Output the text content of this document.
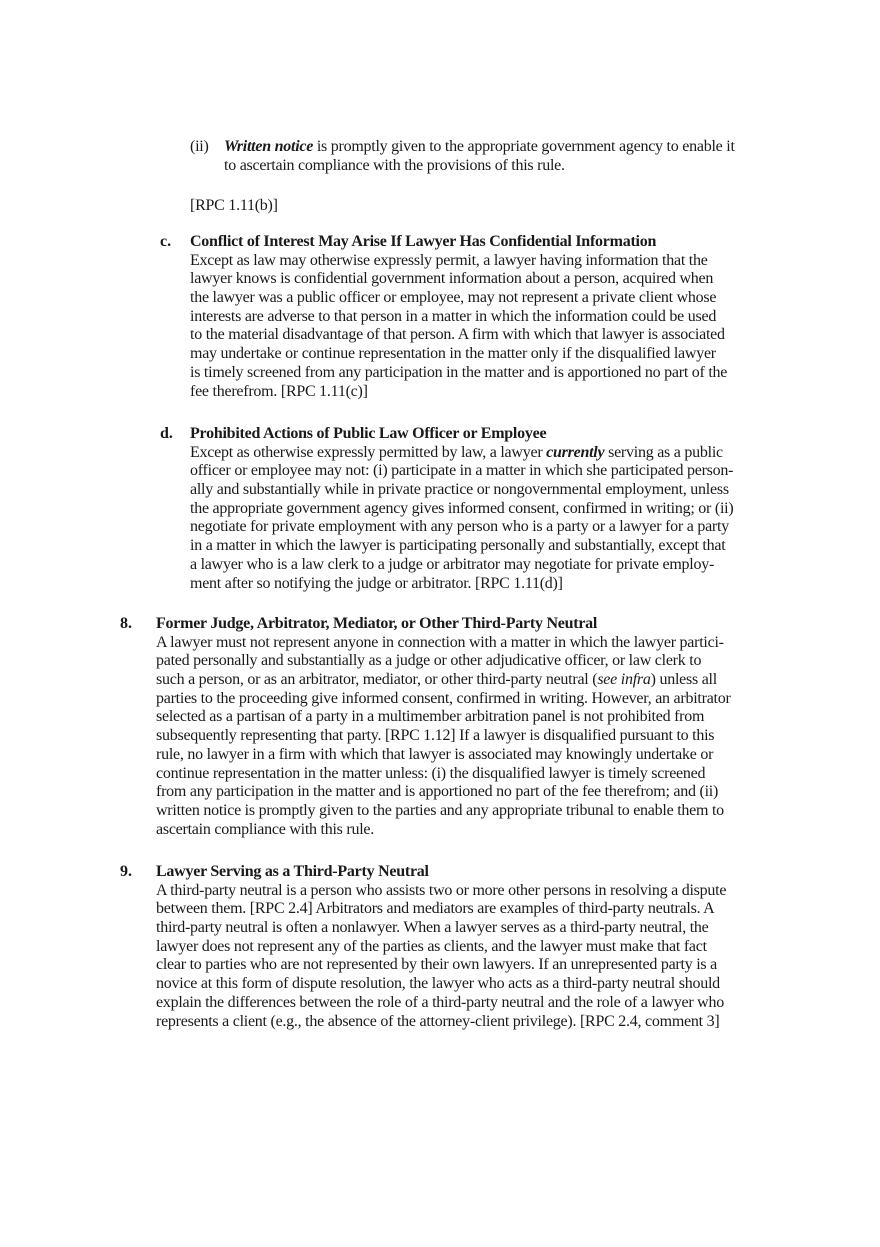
(ii) Written notice is promptly given to the appropriate government agency to enable it
to ascertain compliance with the provisions of this rule.
[RPC 1.11(b)]
c. Conflict of Interest May Arise If Lawyer Has Confidential Information
Except as law may otherwise expressly permit, a lawyer having information that the
lawyer knows is confidential government information about a person, acquired when
the lawyer was a public officer or employee, may not represent a private client whose
interests are adverse to that person in a matter in which the information could be used
to the material disadvantage of that person. A firm with which that lawyer is associated
may undertake or continue representation in the matter only if the disqualified lawyer
is timely screened from any participation in the matter and is apportioned no part of the
fee therefrom. [RPC 1.11(c)]
d. Prohibited Actions of Public Law Officer or Employee
Except as otherwise expressly permitted by law, a lawyer currently serving as a public
officer or employee may not: (i) participate in a matter in which she participated person-
ally and substantially while in private practice or nongovernmental employment, unless
the appropriate government agency gives informed consent, confirmed in writing; or (ii)
negotiate for private employment with any person who is a party or a lawyer for a party
in a matter in which the lawyer is participating personally and substantially, except that
a lawyer who is a law clerk to a judge or arbitrator may negotiate for private employ-
ment after so notifying the judge or arbitrator. [RPC 1.11(d)]
8. Former Judge, Arbitrator, Mediator, or Other Third-Party Neutral
A lawyer must not represent anyone in connection with a matter in which the lawyer partici-
pated personally and substantially as a judge or other adjudicative officer, or law clerk to
such a person, or as an arbitrator, mediator, or other third-party neutral (see infra) unless all
parties to the proceeding give informed consent, confirmed in writing. However, an arbitrator
selected as a partisan of a party in a multimember arbitration panel is not prohibited from
subsequently representing that party. [RPC 1.12] If a lawyer is disqualified pursuant to this
rule, no lawyer in a firm with which that lawyer is associated may knowingly undertake or
continue representation in the matter unless: (i) the disqualified lawyer is timely screened
from any participation in the matter and is apportioned no part of the fee therefrom; and (ii)
written notice is promptly given to the parties and any appropriate tribunal to enable them to
ascertain compliance with this rule.
9. Lawyer Serving as a Third-Party Neutral
A third-party neutral is a person who assists two or more other persons in resolving a dispute
between them. [RPC 2.4] Arbitrators and mediators are examples of third-party neutrals. A
third-party neutral is often a nonlawyer. When a lawyer serves as a third-party neutral, the
lawyer does not represent any of the parties as clients, and the lawyer must make that fact
clear to parties who are not represented by their own lawyers. If an unrepresented party is a
novice at this form of dispute resolution, the lawyer who acts as a third-party neutral should
explain the differences between the role of a third-party neutral and the role of a lawyer who
represents a client (e.g., the absence of the attorney-client privilege). [RPC 2.4, comment 3]
